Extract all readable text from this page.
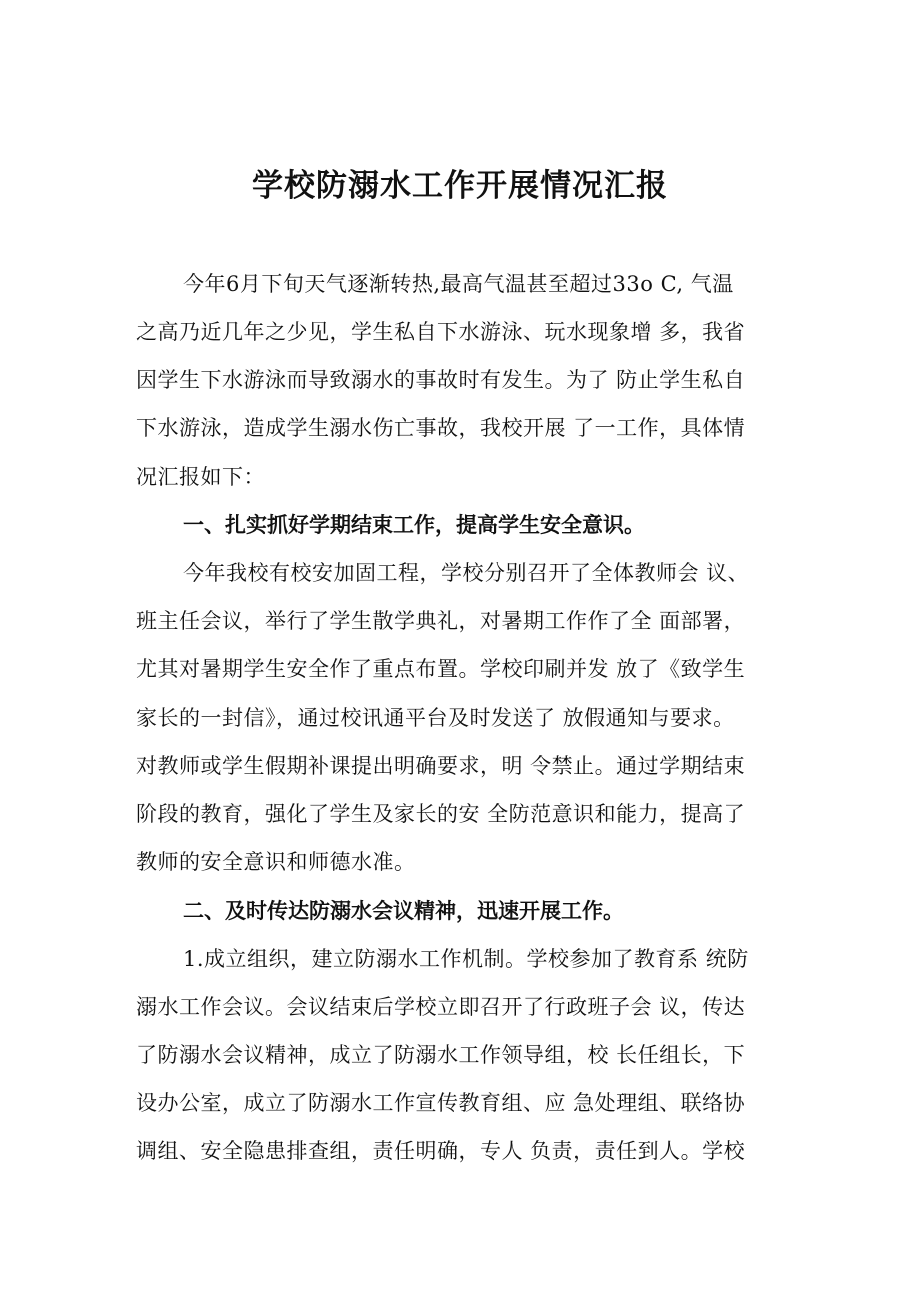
学校防溺水工作开展情况汇报
今年6月下旬天气逐渐转热,最高气温甚至超过33o C, 气温
之高乃近几年之少见，学生私自下水游泳、玩水现象增 多，我省
因学生下水游泳而导致溺水的事故时有发生。为了 防止学生私自
下水游泳，造成学生溺水伤亡事故，我校开展 了一工作，具体情
况汇报如下：
一、扎实抓好学期结束工作，提高学生安全意识。
今年我校有校安加固工程，学校分别召开了全体教师会 议、
班主任会议，举行了学生散学典礼，对暑期工作作了全 面部署，
尤其对暑期学生安全作了重点布置。学校印刷并发 放了《致学生
家长的一封信》，通过校讯通平台及时发送了 放假通知与要求。
对教师或学生假期补课提出明确要求，明 令禁止。通过学期结束
阶段的教育，强化了学生及家长的安 全防范意识和能力，提高了
教师的安全意识和师德水准。
二、及时传达防溺水会议精神，迅速开展工作。
1.成立组织，建立防溺水工作机制。学校参加了教育系 统防
溺水工作会议。会议结束后学校立即召开了行政班子会 议，传达
了防溺水会议精神，成立了防溺水工作领导组，校 长任组长，下
设办公室，成立了防溺水工作宣传教育组、应 急处理组、联络协
调组、安全隐患排查组，责任明确，专人 负责，责任到人。学校
